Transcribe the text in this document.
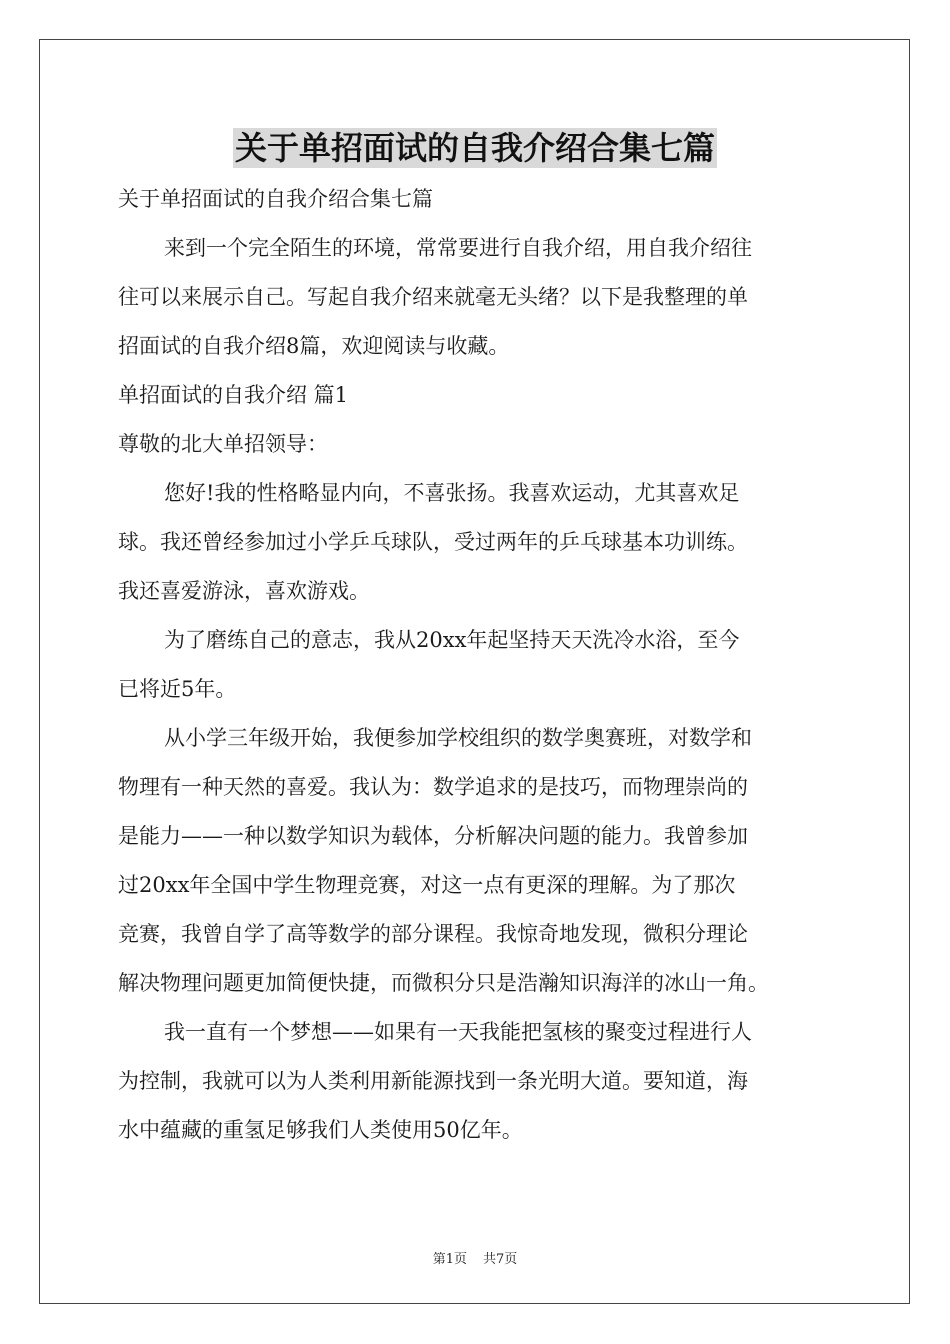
关于单招面试的自我介绍合集七篇

关于单招面试的自我介绍合集七篇

来到一个完全陌生的环境，常常要进行自我介绍，用自我介绍往

往可以来展示自己。写起自我介绍来就毫无头绪？以下是我整理的单

招面试的自我介绍8篇，欢迎阅读与收藏。

单招面试的自我介绍 篇1

尊敬的北大单招领导：

您好!我的性格略显内向，不喜张扬。我喜欢运动，尤其喜欢足

球。我还曾经参加过小学乒乓球队，受过两年的乒乓球基本功训练。

我还喜爱游泳，喜欢游戏。

为了磨练自己的意志，我从20xx年起坚持天天洗冷水浴，至今

已将近5年。

从小学三年级开始，我便参加学校组织的数学奥赛班，对数学和

物理有一种天然的喜爱。我认为：数学追求的是技巧，而物理崇尚的

是能力——一种以数学知识为载体，分析解决问题的能力。我曾参加

过20xx年全国中学生物理竞赛，对这一点有更深的理解。为了那次

竞赛，我曾自学了高等数学的部分课程。我惊奇地发现，微积分理论

解决物理问题更加简便快捷，而微积分只是浩瀚知识海洋的冰山一角。

我一直有一个梦想——如果有一天我能把氢核的聚变过程进行人

为控制，我就可以为人类利用新能源找到一条光明大道。要知道，海

水中蕴藏的重氢足够我们人类使用50亿年。

第1页 共7页
